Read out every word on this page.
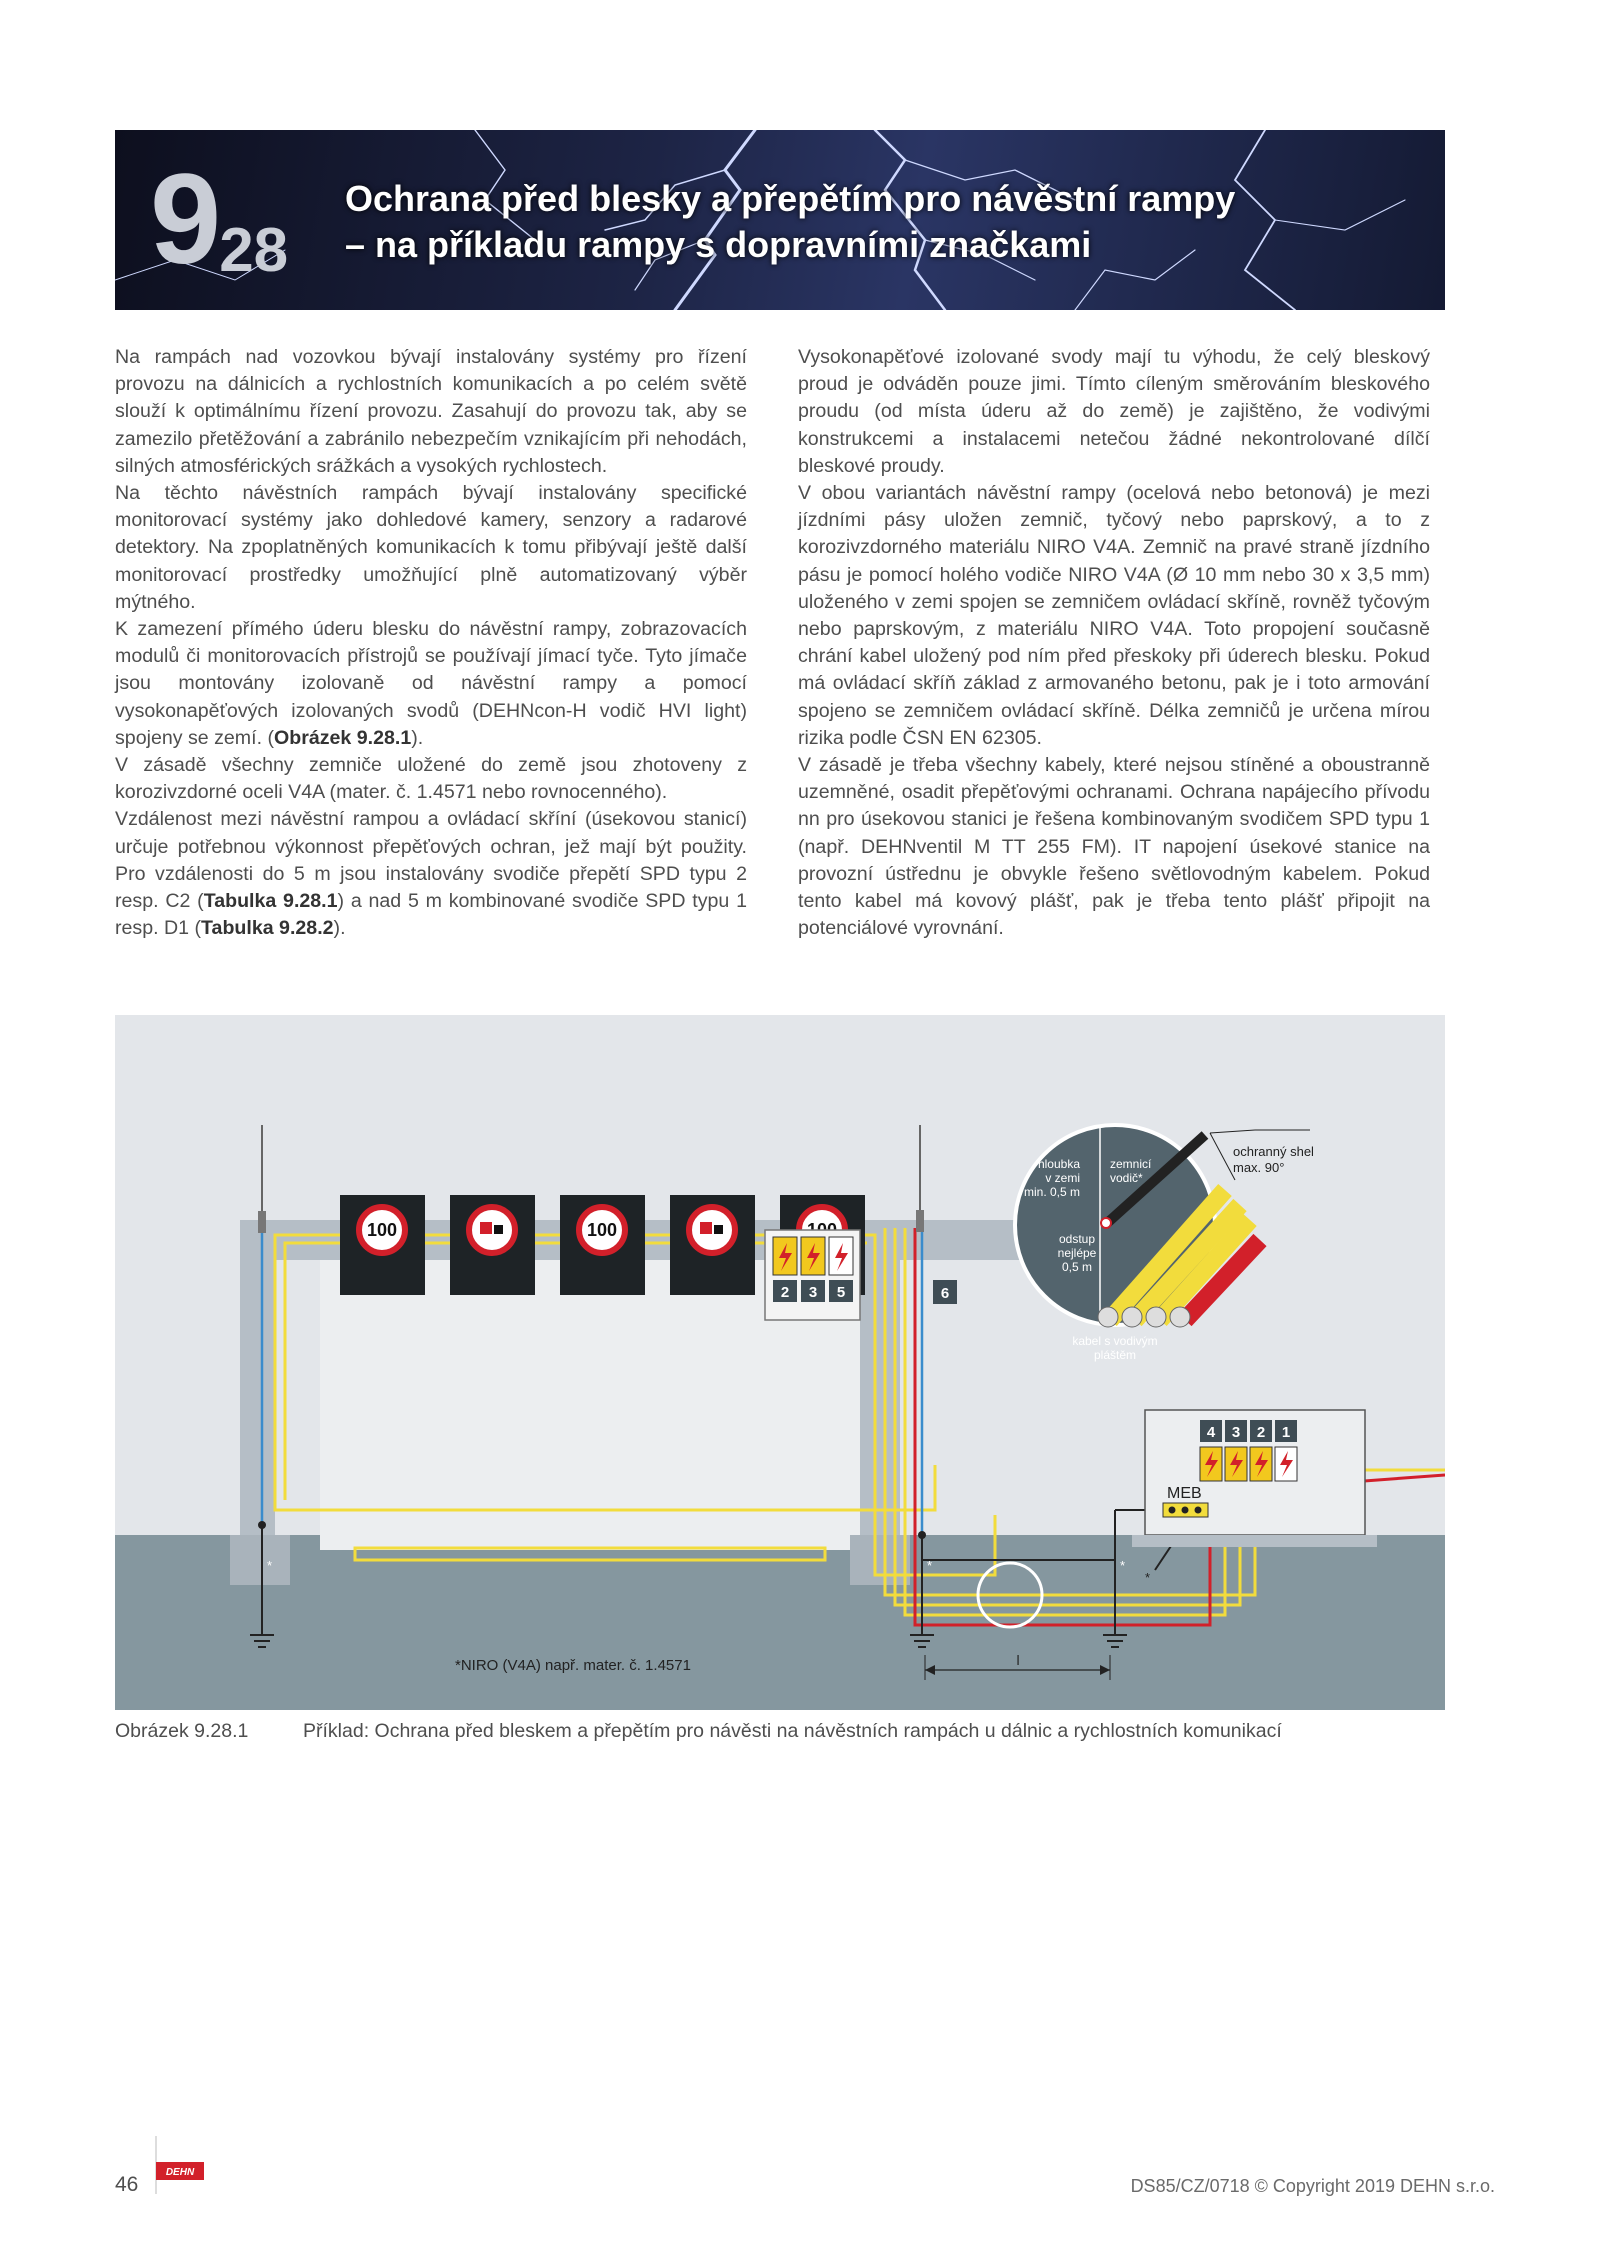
928
Ochrana před blesky a přepětím pro návěstní rampy
– na příkladu rampy s dopravními značkami

Na rampách nad vozovkou bývají instalovány systémy pro řízení provozu na dálnicích a rychlostních komunikacích a po celém světě slouží k optimálnímu řízení provozu. Zasahují do provozu tak, aby se zamezilo přetěžování a zabránilo nebezpečím vznikajícím při nehodách, silných atmosférických srážkách a vysokých rychlostech.

Na těchto návěstních rampách bývají instalovány specifické monitorovací systémy jako dohledové kamery, senzory a radarové detektory. Na zpoplatněných komunikacích k tomu přibývají ještě další monitorovací prostředky umožňující plně automatizovaný výběr mýtného.

K zamezení přímého úderu blesku do návěstní rampy, zobrazovacích modulů či monitorovacích přístrojů se používají jímací tyče. Tyto jímače jsou montovány izolovaně od návěstní rampy a pomocí vysokonapěťových izolovaných svodů (DEHNcon-H vodič HVI light) spojeny se zemí. (Obrázek 9.28.1).

V zásadě všechny zemniče uložené do země jsou zhotoveny z korozivzdorné oceli V4A (mater. č. 1.4571 nebo rovnocenného).

Vzdálenost mezi návěstní rampou a ovládací skříní (úsekovou stanicí) určuje potřebnou výkonnost přepěťových ochran, jež mají být použity. Pro vzdálenosti do 5 m jsou instalovány svodiče přepětí SPD typu 2 resp. C2 (Tabulka 9.28.1) a nad 5 m kombinované svodiče SPD typu 1 resp. D1 (Tabulka 9.28.2).

Vysokonapěťové izolované svody mají tu výhodu, že celý bleskový proud je odváděn pouze jimi. Tímto cíleným směrováním bleskového proudu (od místa úderu až do země) je zajištěno, že vodivými konstrukcemi a instalacemi netečou žádné nekontrolované dílčí bleskové proudy.

V obou variantách návěstní rampy (ocelová nebo betonová) je mezi jízdními pásy uložen zemnič, tyčový nebo paprskový, a to z korozivzdorného materiálu NIRO V4A. Zemnič na pravé straně jízdního pásu je pomocí holého vodiče NIRO V4A (Ø 10 mm nebo 30 x 3,5 mm) uloženého v zemi spojen se zemničem ovládací skříně, rovněž tyčovým nebo paprskovým, z materiálu NIRO V4A. Toto propojení současně chrání kabel uložený pod ním před přeskoky při úderech blesku. Pokud má ovládací skříň základ z armovaného betonu, pak je i toto armování spojeno se zemničem ovládací skříně. Délka zemničů je určena mírou rizika podle ČSN EN 62305.

V zásadě je třeba všechny kabely, které nejsou stíněné a oboustranně uzemněné, osadit přepěťovými ochranami. Ochrana napájecího přívodu nn pro úsekovou stanici je řešena kombinovaným svodičem SPD typu 1 (např. DEHNventil M TT 255 FM). IT napojení úsekové stanice na provozní ústřednu je obvykle řešeno světlovodným kabelem. Pokud tento kabel má kovový plášť, pak je třeba tento plášť připojit na potenciálové vyrovnání.

*	*	*
*
100	100
2 3 5	6
4 3 2 1
MEB
hloubka
v zemi
min. 0,5 m
zemnicí
vodič*
odstup
nejlépe
0,5 m
kabel s vodivým
pláštěm
ochranný shel
max. 90°
l
*NIRO (V4A) např. mater. č. 1.4571
Obrázek 9.28.1	Příklad: Ochrana před bleskem a přepětím pro návěsti na návěstních rampách u dálnic a rychlostních komunikací
46
DEHN
DS85/CZ/0718 © Copyright 2019 DEHN s.r.o.
